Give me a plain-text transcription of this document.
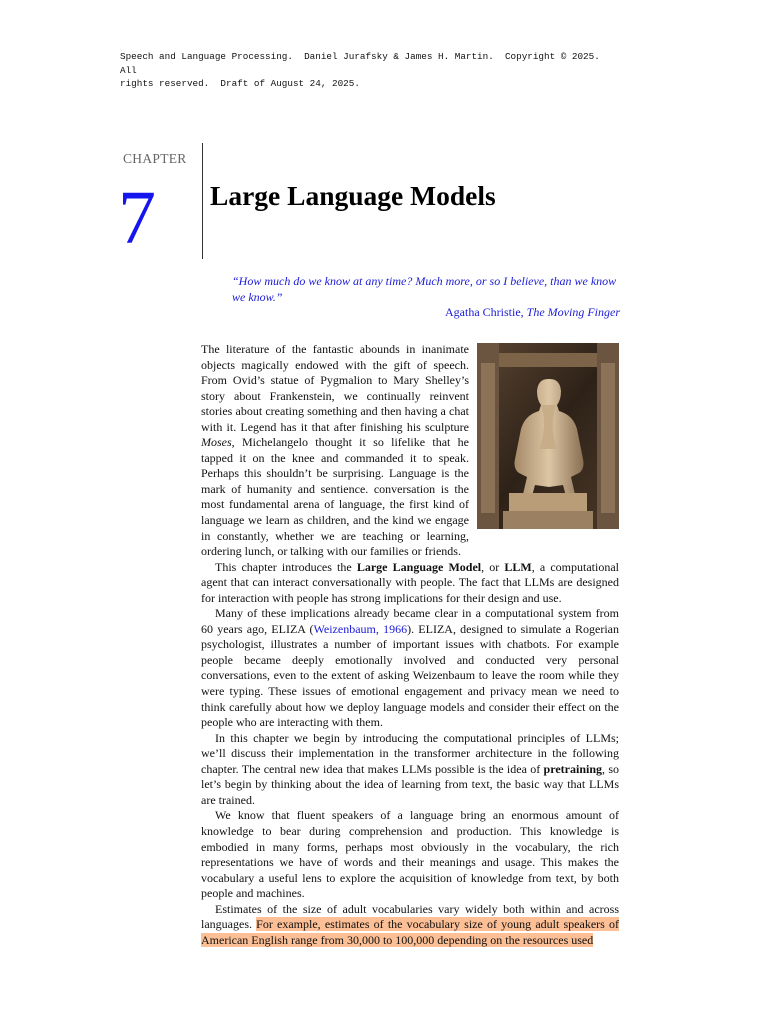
Speech and Language Processing.  Daniel Jurafsky & James H. Martin.  Copyright © 2025.  All
rights reserved.  Draft of August 24, 2025.
CHAPTER
7 Large Language Models
“How much do we know at any time? Much more, or so I believe, than we know we know.”
Agatha Christie, The Moving Finger

The literature of the fantastic abounds in inanimate objects magically endowed with the gift of speech. From Ovid’s statue of Pygmalion to Mary Shelley’s story about Frankenstein, we continually reinvent stories about creating something and then having a chat with it. Legend has it that after finishing his sculpture Moses, Michelangelo thought it so lifelike that he tapped it on the knee and commanded it to speak. Perhaps this shouldn’t be surprising. Language is the mark of humanity and sentience. conversation is the most fundamental arena of language, the first kind of language we learn as children, and the kind we engage in constantly, whether we are teaching or learning, ordering lunch, or talking with our families or friends.

This chapter introduces the Large Language Model, or LLM, a computational agent that can interact conversationally with people. The fact that LLMs are designed for interaction with people has strong implications for their design and use.

Many of these implications already became clear in a computational system from 60 years ago, ELIZA (Weizenbaum, 1966). ELIZA, designed to simulate a Rogerian psychologist, illustrates a number of important issues with chatbots. For example people became deeply emotionally involved and conducted very personal conversations, even to the extent of asking Weizenbaum to leave the room while they were typing. These issues of emotional engagement and privacy mean we need to think carefully about how we deploy language models and consider their effect on the people who are interacting with them.

In this chapter we begin by introducing the computational principles of LLMs; we’ll discuss their implementation in the transformer architecture in the following chapter. The central new idea that makes LLMs possible is the idea of pretraining, so let’s begin by thinking about the idea of learning from text, the basic way that LLMs are trained.

We know that fluent speakers of a language bring an enormous amount of knowledge to bear during comprehension and production. This knowledge is embodied in many forms, perhaps most obviously in the vocabulary, the rich representations we have of words and their meanings and usage. This makes the vocabulary a useful lens to explore the acquisition of knowledge from text, by both people and machines.

Estimates of the size of adult vocabularies vary widely both within and across languages. For example, estimates of the vocabulary size of young adult speakers of American English range from 30,000 to 100,000 depending on the resources used
